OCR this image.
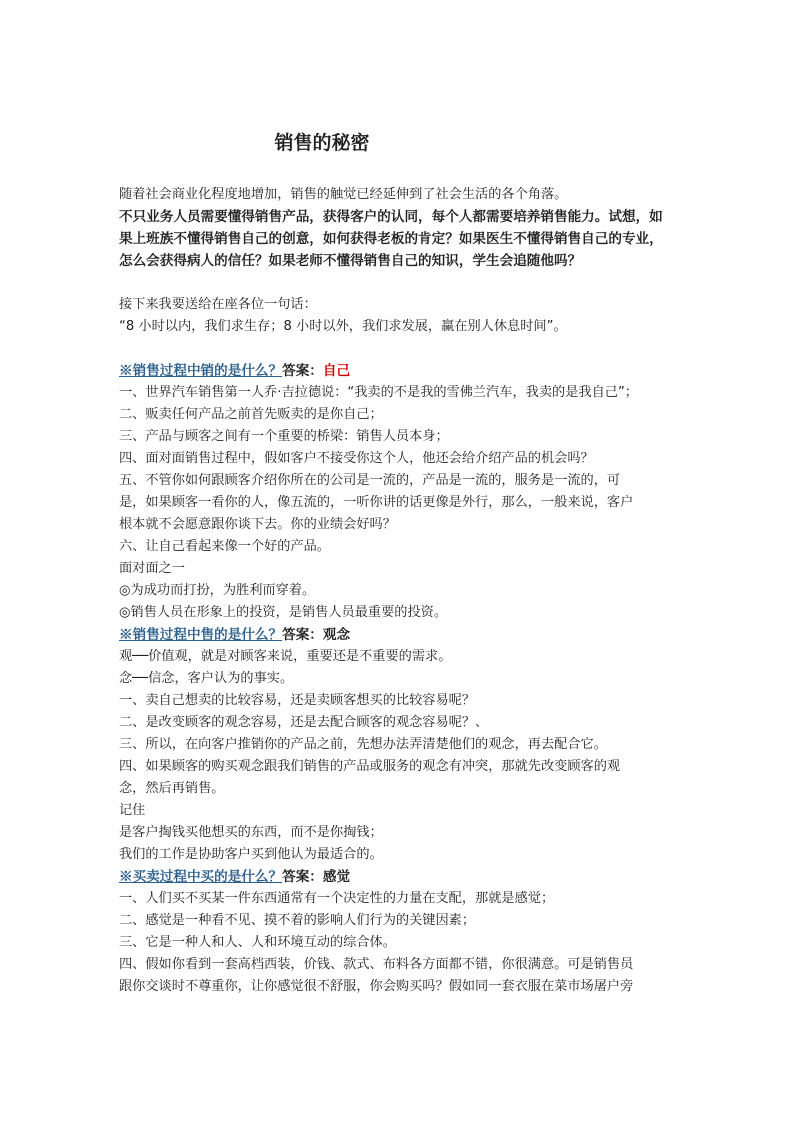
销售的秘密

随着社会商业化程度地增加，销售的触觉已经延伸到了社会生活的各个角落。

不只业务人员需要懂得销售产品，获得客户的认同，每个人都需要培养销售能力。试想，如果上班族不懂得销售自己的创意，如何获得老板的肯定？如果医生不懂得销售自己的专业，怎么会获得病人的信任？如果老师不懂得销售自己的知识，学生会追随他吗？

接下来我要送给在座各位一句话：

“8 小时以内，我们求生存；8 小时以外，我们求发展，赢在别人休息时间”。

※销售过程中销的是什么？答案：自己

一、世界汽车销售第一人乔·吉拉德说：“我卖的不是我的雪佛兰汽车，我卖的是我自己”；

二、贩卖任何产品之前首先贩卖的是你自己；

三、产品与顾客之间有一个重要的桥梁：销售人员本身；

四、面对面销售过程中，假如客户不接受你这个人，他还会给介绍产品的机会吗？

五、不管你如何跟顾客介绍你所在的公司是一流的，产品是一流的，服务是一流的，可

是，如果顾客一看你的人，像五流的，一听你讲的话更像是外行，那么，一般来说，客户

根本就不会愿意跟你谈下去。你的业绩会好吗？

六、让自己看起来像一个好的产品。

面对面之一

◎为成功而打扮，为胜利而穿着。

◎销售人员在形象上的投资，是销售人员最重要的投资。

※销售过程中售的是什么？答案：观念

观──价值观，就是对顾客来说，重要还是不重要的需求。

念──信念，客户认为的事实。

一、卖自己想卖的比较容易，还是卖顾客想买的比较容易呢？

二、是改变顾客的观念容易，还是去配合顾客的观念容易呢？、

三、所以，在向客户推销你的产品之前，先想办法弄清楚他们的观念，再去配合它。

四、如果顾客的购买观念跟我们销售的产品或服务的观念有冲突，那就先改变顾客的观

念，然后再销售。

记住

是客户掏钱买他想买的东西，而不是你掏钱；

我们的工作是协助客户买到他认为最适合的。

※买卖过程中买的是什么？答案：感觉

一、人们买不买某一件东西通常有一个决定性的力量在支配，那就是感觉；

二、感觉是一种看不见、摸不着的影响人们行为的关键因素；

三、它是一种人和人、人和环境互动的综合体。

四、假如你看到一套高档西装，价钱、款式、布料各方面都不错，你很满意。可是销售员

跟你交谈时不尊重你，让你感觉很不舒服，你会购买吗？假如同一套衣服在菜市场屠户旁
